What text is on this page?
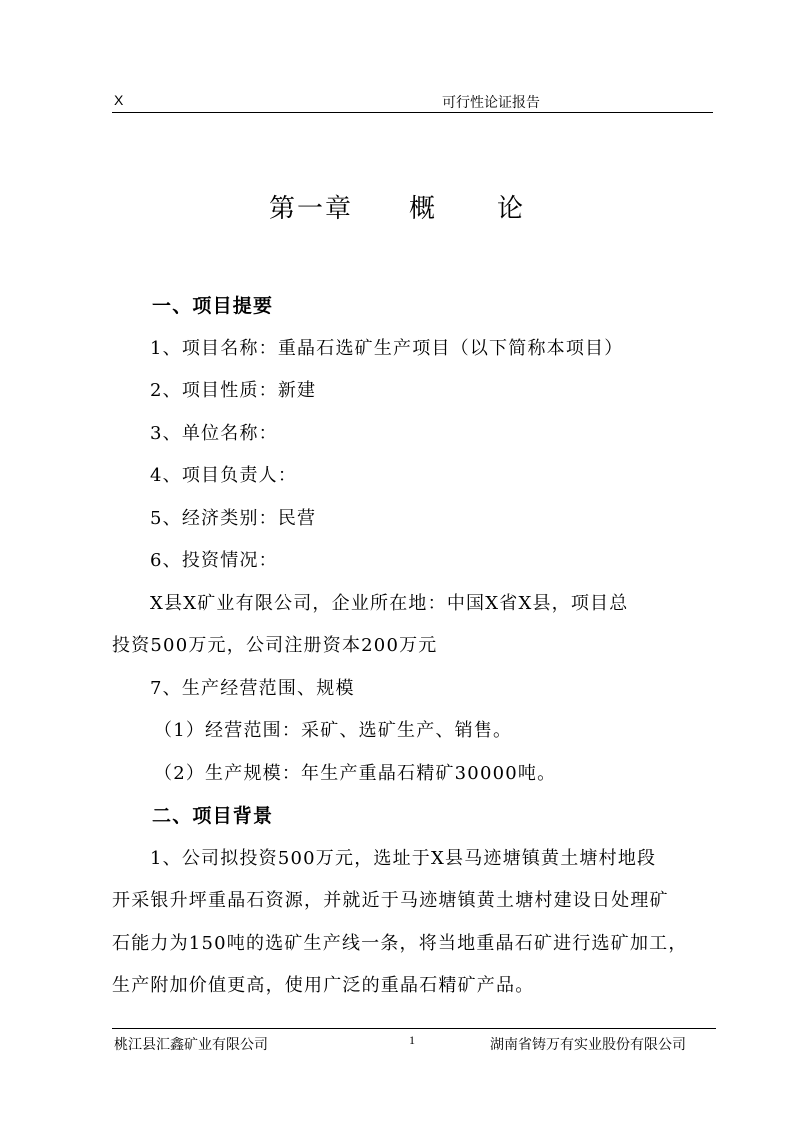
X	可行性论证报告
第一章 概 论

一、项目提要

1、项目名称：重晶石选矿生产项目（以下简称本项目）

2、项目性质：新建

3、单位名称：

4、项目负责人：

5、经济类别：民营

6、投资情况：

X县X矿业有限公司，企业所在地：中国X省X县，项目总

投资500万元，公司注册资本200万元

7、生产经营范围、规模

（1）经营范围：采矿、选矿生产、销售。

（2）生产规模：年生产重晶石精矿30000吨。

二、项目背景

1、公司拟投资500万元，选址于X县马迹塘镇黄土塘村地段

开采银升坪重晶石资源，并就近于马迹塘镇黄土塘村建设日处理矿

石能力为150吨的选矿生产线一条，将当地重晶石矿进行选矿加工，

生产附加价值更高，使用广泛的重晶石精矿产品。

桃江县汇鑫矿业有限公司	1	湖南省铸万有实业股份有限公司
